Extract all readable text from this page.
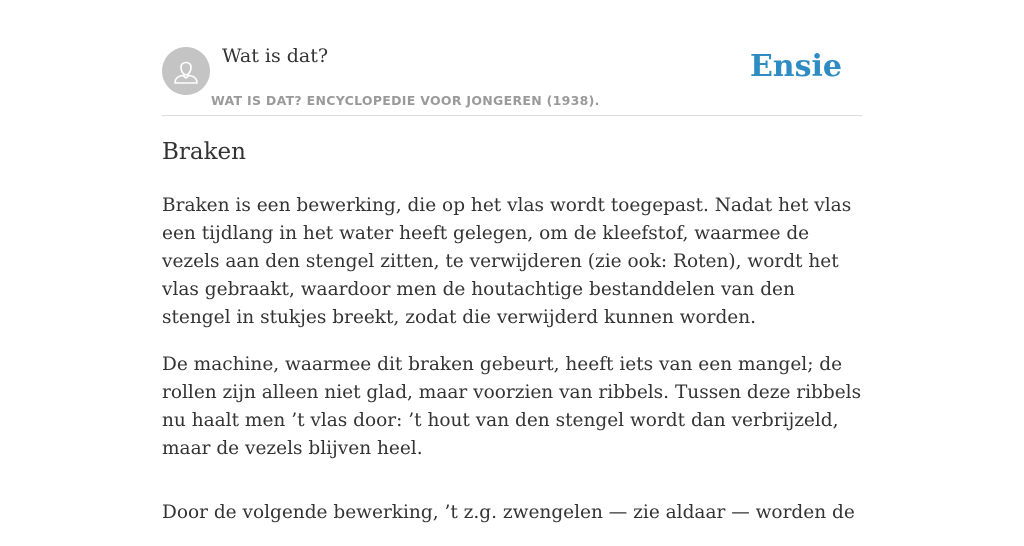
Wat is dat?
WAT IS DAT? ENCYCLOPEDIE VOOR JONGEREN (1938).
Ensie
Braken

Braken is een bewerking, die op het vlas wordt toegepast. Nadat het vlas een tijdlang in het water heeft gelegen, om de kleefstof, waarmee de vezels aan den stengel zitten, te verwijderen (zie ook: Roten), wordt het vlas gebraakt, waardoor men de houtachtige bestanddelen van den stengel in stukjes breekt, zodat die verwijderd kunnen worden.

De machine, waarmee dit braken gebeurt, heeft iets van een mangel; de rollen zijn alleen niet glad, maar voorzien van ribbels. Tussen deze ribbels nu haalt men ’t vlas door: ’t hout van den stengel wordt dan verbrijzeld, maar de vezels blijven heel.

Door de volgende bewerking, ’t z.g. zwengelen — zie aldaar — worden de
